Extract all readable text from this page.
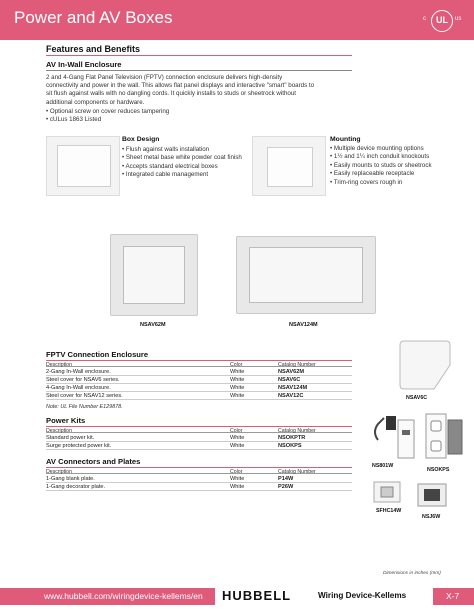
Power and AV Boxes	c	UL	us
Features and Benefits
AV In-Wall Enclosure
2 and 4-Gang Flat Panel Television (FPTV) connection enclosure delivers high-density connectivity and power in the wall. This allows flat panel displays and interactive "smart" boards to sit flush against walls with no dangling cords. It quickly installs to studs or sheetrock without additional components or hardware.
• Optional screw on cover reduces tampering
• cULus 1863 Listed
Box Design
• Flush against walls installation
• Sheet metal base white powder coat finish
• Accepts standard electrical boxes
• Integrated cable management
Mounting
• Multiple device mounting options
• 1½ and 1¼ inch conduit knockouts
• Easily mounts to studs or sheetrock
• Easily replaceable receptacle
• Trim-ring covers rough in
NSAV62M	NSAV124M
FPTV Connection Enclosure
Description	Color	Catalog Number
2-Gang In-Wall enclosure.	White	NSAV62M
Steel cover for NSAV6 series.	White	NSAV6C
4-Gang In-Wall enclosure.	White	NSAV124M
Steel cover for NSAV12 series.	White	NSAV12C
Note: UL File Number E129878.
Power Kits
Description	Color	Catalog Number
Standard power kit.	White	NSOKPTR
Surge protected power kit.	White	NSOKPS
AV Connectors and Plates
Description	Color	Catalog Number
1-Gang blank plate.	White	P14W
1-Gang decorator plate.	White	P26W
NSAV6C
NS801W
NSOKPS
SFHC14W
NSJ6W
Dimensions in inches (mm)
www.hubbell.com/wiringdevice-kellems/en HUBBELL	Wiring Device-Kellems	X-7
